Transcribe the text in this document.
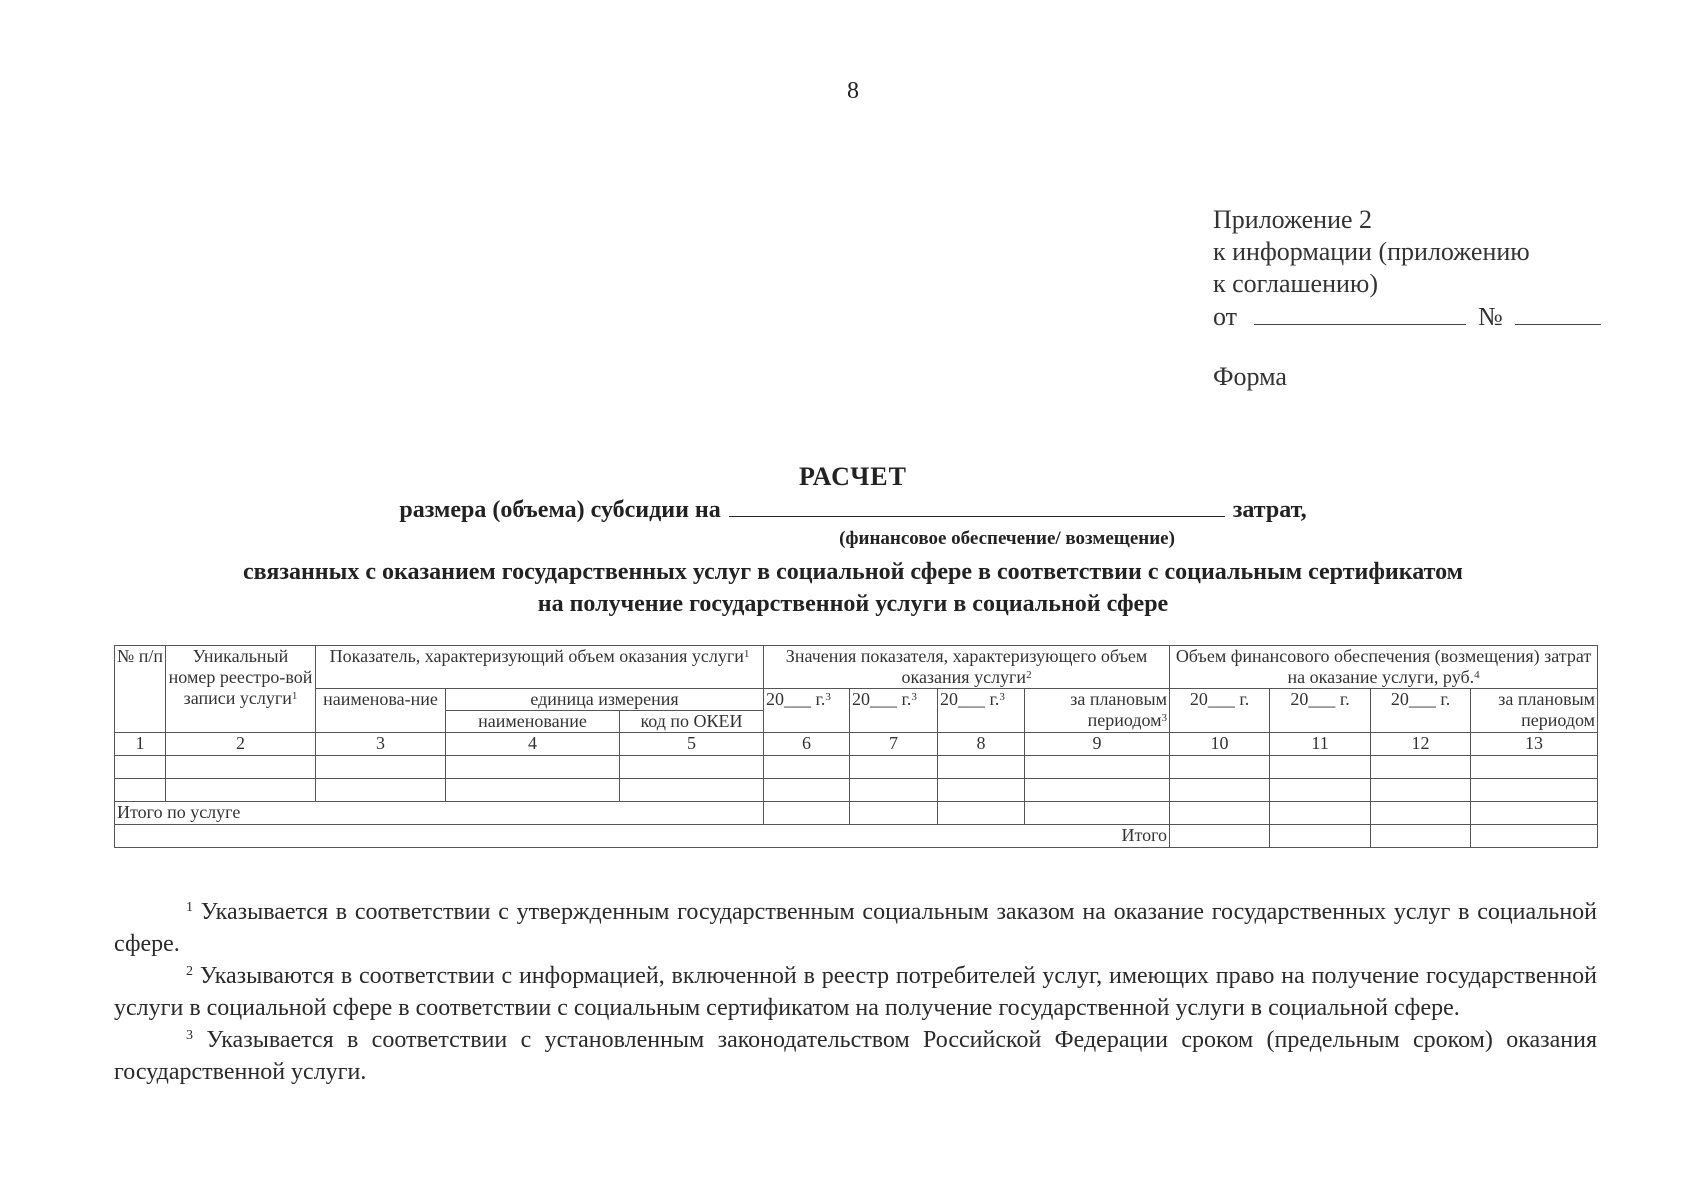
8
Приложение 2
к информации (приложению
к соглашению)
от	№
Форма
РАСЧЕТ
размера (объема) субсидии на	затрат,
(финансовое обеспечение/ возмещение)
связанных с оказанием государственных услуг в социальной сфере в соответствии с социальным сертификатом
на получение государственной услуги в социальной сфере
№ п/п	Уникальный номер реестро-вой записи услуги$^1$	Показатель, характеризующий объем оказания услуги$^1$			Значения показателя, характеризующего объем оказания услуги$^2$				Объем финансового обеспечения (возмещения) затрат на оказание услуги, руб.$^4$
		наименова-ние	единица измерения		20___ г.$^3$	20___ г.$^3$	20___ г.$^3$	за плановым периодом$^3$	20___ г.	20___ г.	20___ г.	за плановым периодом
			наименование	код по ОКЕИ								
1	2	3	4	5	6	7	8	9	10	11	12	13

Итого по услуге												
Итого												

$^1$ Указывается в соответствии с утвержденным государственным социальным заказом на оказание государственных услуг в социальной сфере.

$^2$ Указываются в соответствии с информацией, включенной в реестр потребителей услуг, имеющих право на получение государственной услуги в социальной сфере в соответствии с социальным сертификатом на получение государственной услуги в социальной сфере.

$^3$ Указывается в соответствии с установленным законодательством Российской Федерации сроком (предельным сроком) оказания государственной услуги.
